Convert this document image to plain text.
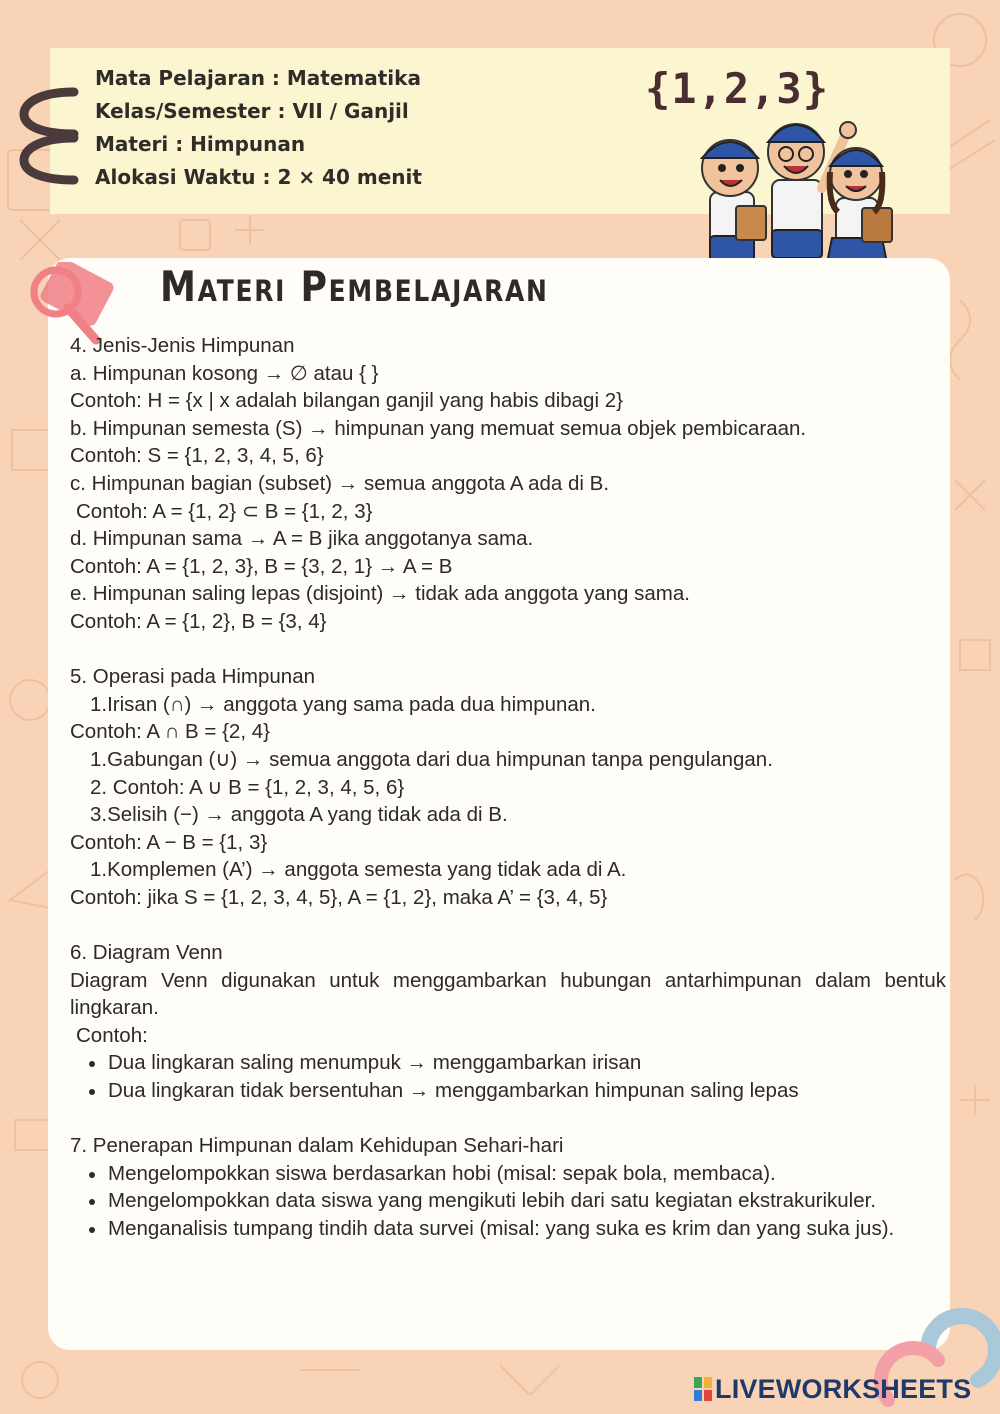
Mata Pelajaran : Matematika
Kelas/Semester : VII / Ganjil
Materi : Himpunan
Alokasi Waktu : 2 × 40 menit
{1,2,3}
Materi Pembelajaran
4. Jenis-Jenis Himpunan
a. Himpunan kosong → ∅ atau { }
Contoh: H = {x | x adalah bilangan ganjil yang habis dibagi 2}
b. Himpunan semesta (S) → himpunan yang memuat semua objek pembicaraan.
Contoh: S = {1, 2, 3, 4, 5, 6}
c. Himpunan bagian (subset) → semua anggota A ada di B.
Contoh: A = {1, 2} ⊂ B = {1, 2, 3}
d. Himpunan sama → A = B jika anggotanya sama.
Contoh: A = {1, 2, 3}, B = {3, 2, 1} → A = B
e. Himpunan saling lepas (disjoint) → tidak ada anggota yang sama.
Contoh: A = {1, 2}, B = {3, 4}
5. Operasi pada Himpunan
1.Irisan (∩) → anggota yang sama pada dua himpunan.
Contoh: A ∩ B = {2, 4}
1.Gabungan (∪) → semua anggota dari dua himpunan tanpa pengulangan.
2. Contoh: A ∪ B = {1, 2, 3, 4, 5, 6}
3.Selisih (−) → anggota A yang tidak ada di B.
Contoh: A − B = {1, 3}
1.Komplemen (A’) → anggota semesta yang tidak ada di A.
Contoh: jika S = {1, 2, 3, 4, 5}, A = {1, 2}, maka A’ = {3, 4, 5}
6. Diagram Venn
Diagram Venn digunakan untuk menggambarkan hubungan antarhimpunan dalam bentuk lingkaran.
Contoh:
Dua lingkaran saling menumpuk → menggambarkan irisan
Dua lingkaran tidak bersentuhan → menggambarkan himpunan saling lepas
7. Penerapan Himpunan dalam Kehidupan Sehari-hari
Mengelompokkan siswa berdasarkan hobi (misal: sepak bola, membaca).
Mengelompokkan data siswa yang mengikuti lebih dari satu kegiatan ekstrakurikuler.
Menganalisis tumpang tindih data survei (misal: yang suka es krim dan yang suka jus).
LIVEWORKSHEETS
